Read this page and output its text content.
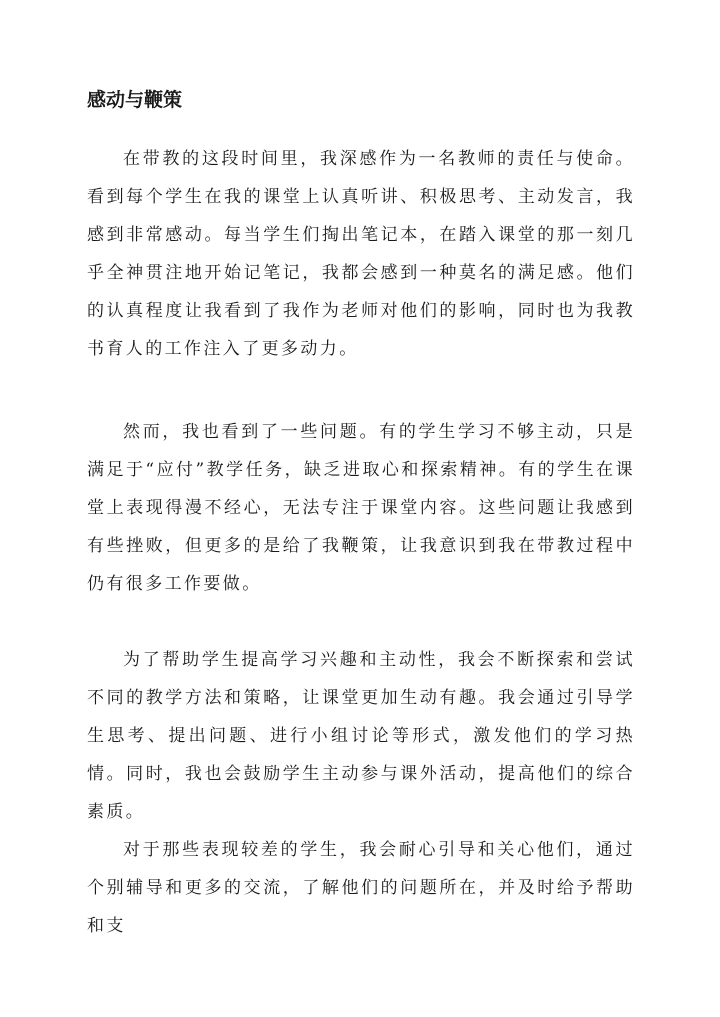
感动与鞭策

在带教的这段时间里，我深感作为一名教师的责任与使命。看到每个学生在我的课堂上认真听讲、积极思考、主动发言，我感到非常感动。每当学生们掏出笔记本，在踏入课堂的那一刻几乎全神贯注地开始记笔记，我都会感到一种莫名的满足感。他们的认真程度让我看到了我作为老师对他们的影响，同时也为我教书育人的工作注入了更多动力。

然而，我也看到了一些问题。有的学生学习不够主动，只是满足于“应付”教学任务，缺乏进取心和探索精神。有的学生在课堂上表现得漫不经心，无法专注于课堂内容。这些问题让我感到有些挫败，但更多的是给了我鞭策，让我意识到我在带教过程中仍有很多工作要做。

为了帮助学生提高学习兴趣和主动性，我会不断探索和尝试不同的教学方法和策略，让课堂更加生动有趣。我会通过引导学生思考、提出问题、进行小组讨论等形式，激发他们的学习热情。同时，我也会鼓励学生主动参与课外活动，提高他们的综合素质。

对于那些表现较差的学生，我会耐心引导和关心他们，通过个别辅导和更多的交流，了解他们的问题所在，并及时给予帮助和支
